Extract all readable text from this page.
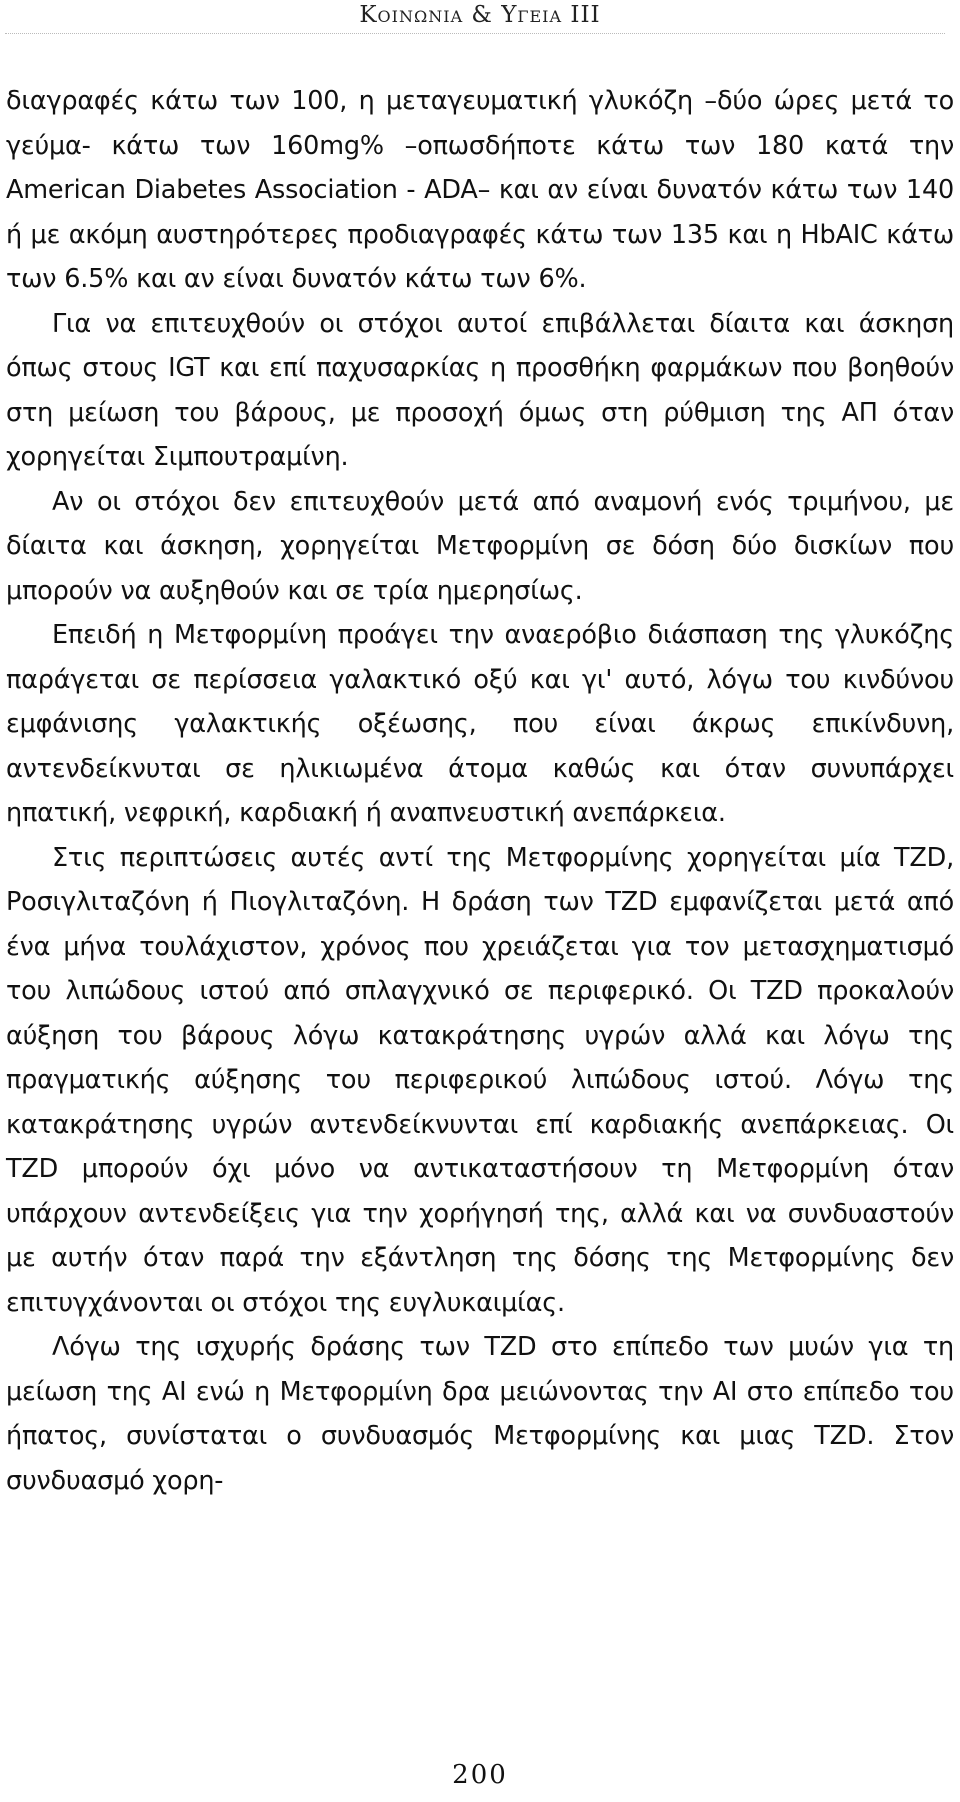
Κοινωνια & Υγεια ΙΙΙ

διαγραφές κάτω των 100, η μεταγευματική γλυκόζη –δύο ώρες μετά το γεύμα- κάτω των 160mg% –οπωσδήποτε κάτω των 180 κατά την American Diabetes Association - ADA– και αν είναι δυνατόν κάτω των 140 ή με ακόμη αυστηρότερες προδιαγραφές κάτω των 135 και η HbAIC κάτω των 6.5% και αν είναι δυνατόν κάτω των 6%.

Για να επιτευχθούν οι στόχοι αυτοί επιβάλλεται δίαιτα και άσκηση όπως στους IGT και επί παχυσαρκίας η προσθήκη φαρμάκων που βοηθούν στη μείωση του βάρους, με προσοχή όμως στη ρύθμιση της ΑΠ όταν χορηγείται Σιμπουτραμίνη.

Αν οι στόχοι δεν επιτευχθούν μετά από αναμονή ενός τριμήνου, με δίαιτα και άσκηση, χορηγείται Μετφορμίνη σε δόση δύο δισκίων που μπορούν να αυξηθούν και σε τρία ημερησίως.

Επειδή η Μετφορμίνη προάγει την αναερόβιο διάσπαση της γλυκόζης παράγεται σε περίσσεια γαλακτικό οξύ και γι' αυτό, λόγω του κινδύνου εμφάνισης γαλακτικής οξέωσης, που είναι άκρως επικίνδυνη, αντενδείκνυται σε ηλικιωμένα άτομα καθώς και όταν συνυπάρχει ηπατική, νεφρική, καρδιακή ή αναπνευστική ανεπάρκεια.

Στις περιπτώσεις αυτές αντί της Μετφορμίνης χορηγείται μία TZD, Ροσιγλιταζόνη ή Πιογλιταζόνη. Η δράση των TZD εμφανίζεται μετά από ένα μήνα τουλάχιστον, χρόνος που χρειάζεται για τον μετασχηματισμό του λιπώδους ιστού από σπλαγχνικό σε περιφερικό. Οι TZD προκαλούν αύξηση του βάρους λόγω κατακράτησης υγρών αλλά και λόγω της πραγματικής αύξησης του περιφερικού λιπώδους ιστού. Λόγω της κατακράτησης υγρών αντενδείκνυνται επί καρδιακής ανεπάρκειας. Οι TZD μπορούν όχι μόνο να αντικαταστήσουν τη Μετφορμίνη όταν υπάρχουν αντενδείξεις για την χορήγησή της, αλλά και να συνδυαστούν με αυτήν όταν παρά την εξάντληση της δόσης της Μετφορμίνης δεν επιτυγχάνονται οι στόχοι της ευγλυκαιμίας.

Λόγω της ισχυρής δράσης των TZD στο επίπεδο των μυών για τη μείωση της ΑΙ ενώ η Μετφορμίνη δρα μειώνοντας την ΑΙ στο επίπεδο του ήπατος, συνίσταται ο συνδυασμός Μετφορμίνης και μιας TZD. Στον συνδυασμό χορη-

200
